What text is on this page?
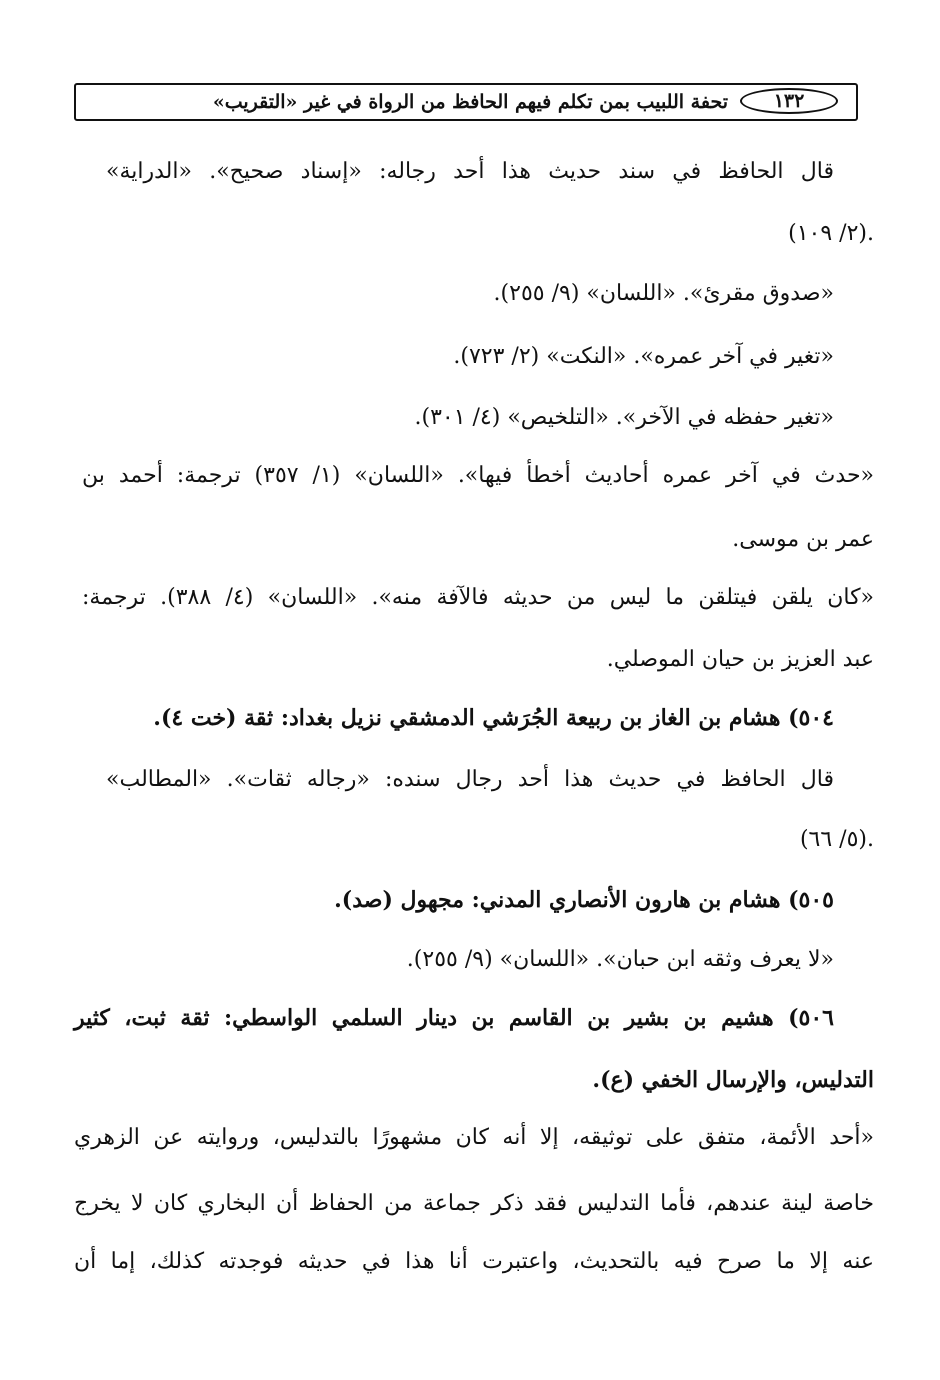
تحفة اللبيب بمن تكلم فيهم الحافظ من الرواة في غير «التقريب»	١٣٢
قال الحافظ في سند حديث هذا أحد رجاله: «إسناد صحيح». «الدراية»
.(٢/ ١٠٩)
«صدوق مقرئ». «اللسان» (٩/ ٢٥٥).
«تغير في آخر عمره». «النكت» (٢/ ٧٢٣).
«تغير حفظه في الآخر». «التلخيص» (٤/ ٣٠١).
«حدث في آخر عمره أحاديث أخطأ فيها». «اللسان» (١/ ٣٥٧) ترجمة: أحمد بن
عمر بن موسى.
«كان يلقن فيتلقن ما ليس من حديثه فالآفة منه». «اللسان» (٤/ ٣٨٨). ترجمة:
عبد العزيز بن حيان الموصلي.
٥٠٤) هشام بن الغاز بن ربيعة الجُرَشي الدمشقي نزيل بغداد: ثقة (خت ٤).
قال الحافظ في حديث هذا أحد رجال سنده: «رجاله ثقات». «المطالب»
.(٥/ ٦٦)
٥٠٥) هشام بن هارون الأنصاري المدني: مجهول (صد).
«لا يعرف وثقه ابن حبان». «اللسان» (٩/ ٢٥٥).
٥٠٦) هشيم بن بشير بن القاسم بن دينار السلمي الواسطي: ثقة ثبت، كثير
التدليس، والإرسال الخفي (ع).
«أحد الأئمة، متفق على توثيقه، إلا أنه كان مشهورًا بالتدليس، وروايته عن الزهري
خاصة لينة عندهم، فأما التدليس فقد ذكر جماعة من الحفاظ أن البخاري كان لا يخرج
عنه إلا ما صرح فيه بالتحديث، واعتبرت أنا هذا في حديثه فوجدته كذلك، إما أن
